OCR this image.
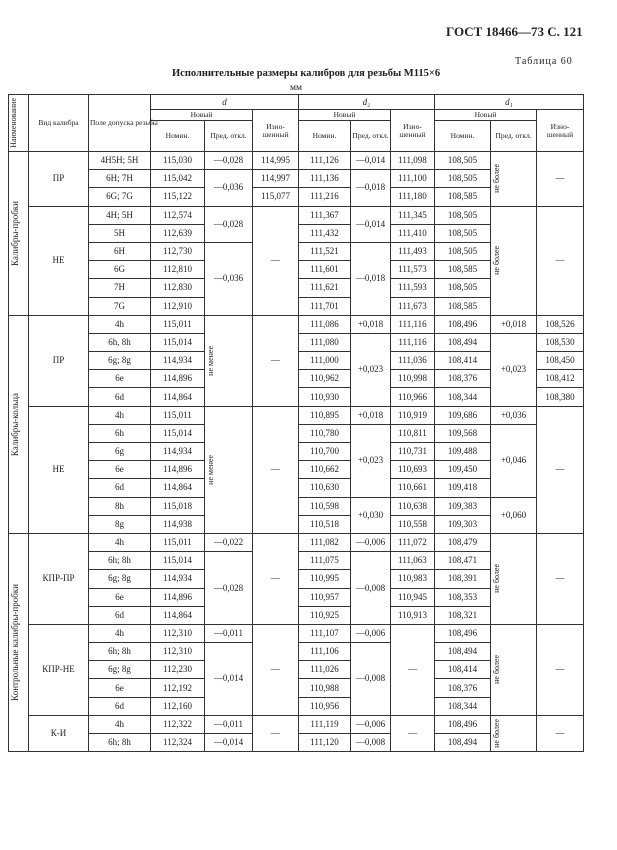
ГОСТ 18466—73 С. 121
Таблица 60
Исполнительные размеры калибров для резьбы М115×6
мм
Наименование	Вид калибра	Поле допуска резьбы	d			d₂			d₁		
			Новый		Изно- шенный	Новый		Изно- шенный	Новый		Изно- шенный
			Номин.	Пред. откл.		Номин.	Пред. откл.		Номин.	Пред. откл.	

Калибры-пробки	ПР	4H5H; 5H	115,030	—0,028	114,995	111,126	—0,014	111,098	108,505	не более	—
		6H; 7H	115,042	—0,036	114,997	111,136	—0,018	111,100	108,505		
		6G; 7G	115,122		115,077	111,216		111,180	108,585		
	НЕ	4H; 5H	112,574	—0,028	—	111,367	—0,014	111,345	108,505	не более	—
		5H	112,639			111,432		111,410	108,505		
		6H	112,730	—0,036		111,521	—0,018	111,493	108,505		
		6G	112,810			111,601		111,573	108,585		
		7H	112,830			111,621		111,593	108,505		
		7G	112,910			111,701		111,673	108,585		

Калибры-кольца	ПР	4h	115,011	не менее	—	111,086	+0,018	111,116	108,496	+0,018	108,526
		6h, 8h	115,014			111,080	+0,023	111,116	108,494	+0,023	108,530
		6g; 8g	114,934			111,000		111,036	108,414		108,450
		6e	114,896			110,962		110,998	108,376		108,412
		6d	114,864			110,930		110,966	108,344		108,380
	НЕ	4h	115,011	не менее	—	110,895	+0,018	110,919	109,686	+0,036	—
		6h	115,014			110,780	+0,023	110,811	109,568	+0,046	
		6g	114,934			110,700		110,731	109,488		
		6e	114,896			110,662		110,693	109,450		
		6d	114,864			110,630		110,661	109,418		
		8h	115,018			110,598	+0,030	110,638	109,383	+0,060	
		8g	114,938			110,518		110,558	109,303		

Контрольные калибры-пробки	КПР-ПР	4h	115,011	—0,022	—	111,082	—0,006	111,072	108,479	не более	—
		6h; 8h	115,014	—0,028		111,075	—0,008	111,063	108,471		
		6g; 8g	114,934			110,995		110,983	108,391		
		6e	114,896			110,957		110,945	108,353		
		6d	114,864			110,925		110,913	108,321		
	КПР-НЕ	4h	112,310	—0,011	—	111,107	—0,006	—	108,496	не более	—
		6h; 8h	112,310	—0,014		111,106	—0,008		108,494		
		6g; 8g	112,230			111,026			108,414		
		6e	112,192			110,988			108,376		
		6d	112,160			110,956			108,344		
	К-И	4h	112,322	—0,011	—	111,119	—0,006	—	108,496	не более	—
		6h; 8h	112,324	—0,014		111,120	—0,008		108,494		
